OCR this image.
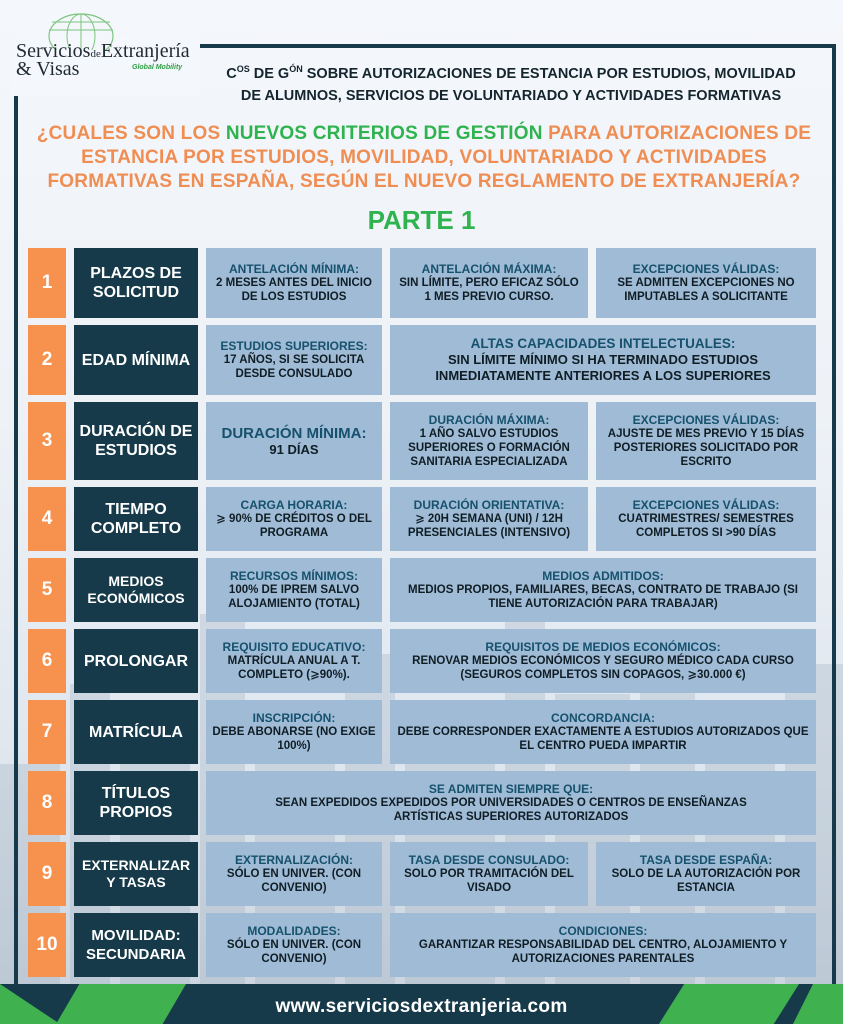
ServiciosdeExtranjería
& Visas	Global Mobility	$C^{OS}$ DE $G^{ÓN}$ SOBRE AUTORIZACIONES DE ESTANCIA POR ESTUDIOS, MOVILIDAD
DE ALUMNOS, SERVICIOS DE VOLUNTARIADO Y ACTIVIDADES FORMATIVAS
¿CUALES SON LOS NUEVOS CRITERIOS DE GESTIÓN PARA AUTORIZACIONES DE ESTANCIA POR ESTUDIOS, MOVILIDAD, VOLUNTARIADO Y ACTIVIDADES FORMATIVAS EN ESPAÑA, SEGÚN EL NUEVO REGLAMENTO DE EXTRANJERÍA?
PARTE 1
1	PLAZOS DE SOLICITUD
ANTELACIÓN MÍNIMA:
2 MESES ANTES DEL INICIO DE LOS ESTUDIOS
ANTELACIÓN MÁXIMA:
SIN LÍMITE, PERO EFICAZ SÓLO 1 MES PREVIO CURSO.
EXCEPCIONES VÁLIDAS:
SE ADMITEN EXCEPCIONES NO IMPUTABLES A SOLICITANTE
2	EDAD MÍNIMA
ESTUDIOS SUPERIORES:
17 AÑOS, SI SE SOLICITA DESDE CONSULADO
ALTAS CAPACIDADES INTELECTUALES:
SIN LÍMITE MÍNIMO SI HA TERMINADO ESTUDIOS INMEDIATAMENTE ANTERIORES A LOS SUPERIORES
3	DURACIÓN DE ESTUDIOS
DURACIÓN MÍNIMA:
91 DÍAS
DURACIÓN MÁXIMA:
1 AÑO SALVO ESTUDIOS SUPERIORES O FORMACIÓN SANITARIA ESPECIALIZADA
EXCEPCIONES VÁLIDAS:
AJUSTE DE MES PREVIO Y 15 DÍAS POSTERIORES SOLICITADO POR ESCRITO
4	TIEMPO COMPLETO
CARGA HORARIA:
⩾ 90% DE CRÉDITOS O DEL PROGRAMA
DURACIÓN ORIENTATIVA:
⩾ 20H SEMANA (UNI) / 12H PRESENCIALES (INTENSIVO)
EXCEPCIONES VÁLIDAS:
CUATRIMESTRES/ SEMESTRES COMPLETOS SI >90 DÍAS
5	MEDIOS ECONÓMICOS
RECURSOS MÍNIMOS:
100% DE IPREM SALVO ALOJAMIENTO (TOTAL)
MEDIOS ADMITIDOS:
MEDIOS PROPIOS, FAMILIARES, BECAS, CONTRATO DE TRABAJO (SI TIENE AUTORIZACIÓN PARA TRABAJAR)
6	PROLONGAR
REQUISITO EDUCATIVO:
MATRÍCULA ANUAL A T. COMPLETO (⩾90%).
REQUISITOS DE MEDIOS ECONÓMICOS:
RENOVAR MEDIOS ECONÓMICOS Y SEGURO MÉDICO CADA CURSO (SEGUROS COMPLETOS SIN COPAGOS, ⩾30.000 €)
7	MATRÍCULA
INSCRIPCIÓN:
DEBE ABONARSE (NO EXIGE 100%)
CONCORDANCIA:
DEBE CORRESPONDER EXACTAMENTE A ESTUDIOS AUTORIZADOS QUE EL CENTRO PUEDA IMPARTIR
8	TÍTULOS PROPIOS
SE ADMITEN SIEMPRE QUE:
SEAN EXPEDIDOS EXPEDIDOS POR UNIVERSIDADES O CENTROS DE ENSEÑANZAS ARTÍSTICAS SUPERIORES AUTORIZADOS
9	EXTERNALIZAR Y TASAS
EXTERNALIZACIÓN:
SÓLO EN UNIVER. (CON CONVENIO)
TASA DESDE CONSULADO:
SOLO POR TRAMITACIÓN DEL VISADO
TASA DESDE ESPAÑA:
SOLO DE LA AUTORIZACIÓN POR ESTANCIA
10	MOVILIDAD: SECUNDARIA
MODALIDADES:
SÓLO EN UNIVER. (CON CONVENIO)
CONDICIONES:
GARANTIZAR RESPONSABILIDAD DEL CENTRO, ALOJAMIENTO Y AUTORIZACIONES PARENTALES
www.serviciosdextranjeria.com
